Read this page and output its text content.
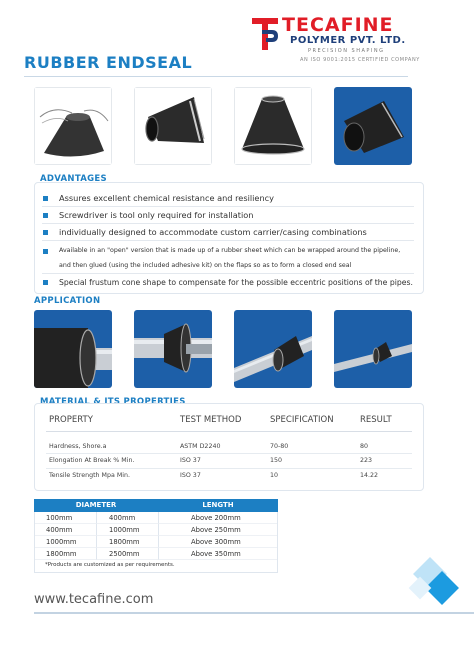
TECAFINE
POLYMER PVT. LTD.
PRECISION SHAPING
AN ISO 9001:2015 CERTIFIED COMPANY
RUBBER ENDSEAL
ADVANTAGES
Assures excellent chemical resistance and resiliency
Screwdriver is tool only required for installation
individually designed to accommodate custom carrier/casing combinations
Available in an "open" version that is made up of a rubber sheet which can be wrapped around the pipeline,
and then glued (using the included adhesive kit) on the flaps so as to form a closed end seal
Special frustum cone shape to compensate for the possible eccentric positions of the pipes.
APPLICATION
MATERIAL & ITS PROPERTIES
PROPERTY	TEST METHOD	SPECIFICATION	RESULT
Hardness, Shore.a	ASTM D2240	70-80	80
Elongation At Break % Min.	ISO 37	150	223
Tensile Strength Mpa Min.	ISO 37	10	14.22
DIAMETER	LENGTH
100mm	400mm	Above 200mm
400mm	1000mm	Above 250mm
1000mm	1800mm	Above 300mm
1800mm	2500mm	Above 350mm
*Products are customized as per requirements.
www.tecafine.com
